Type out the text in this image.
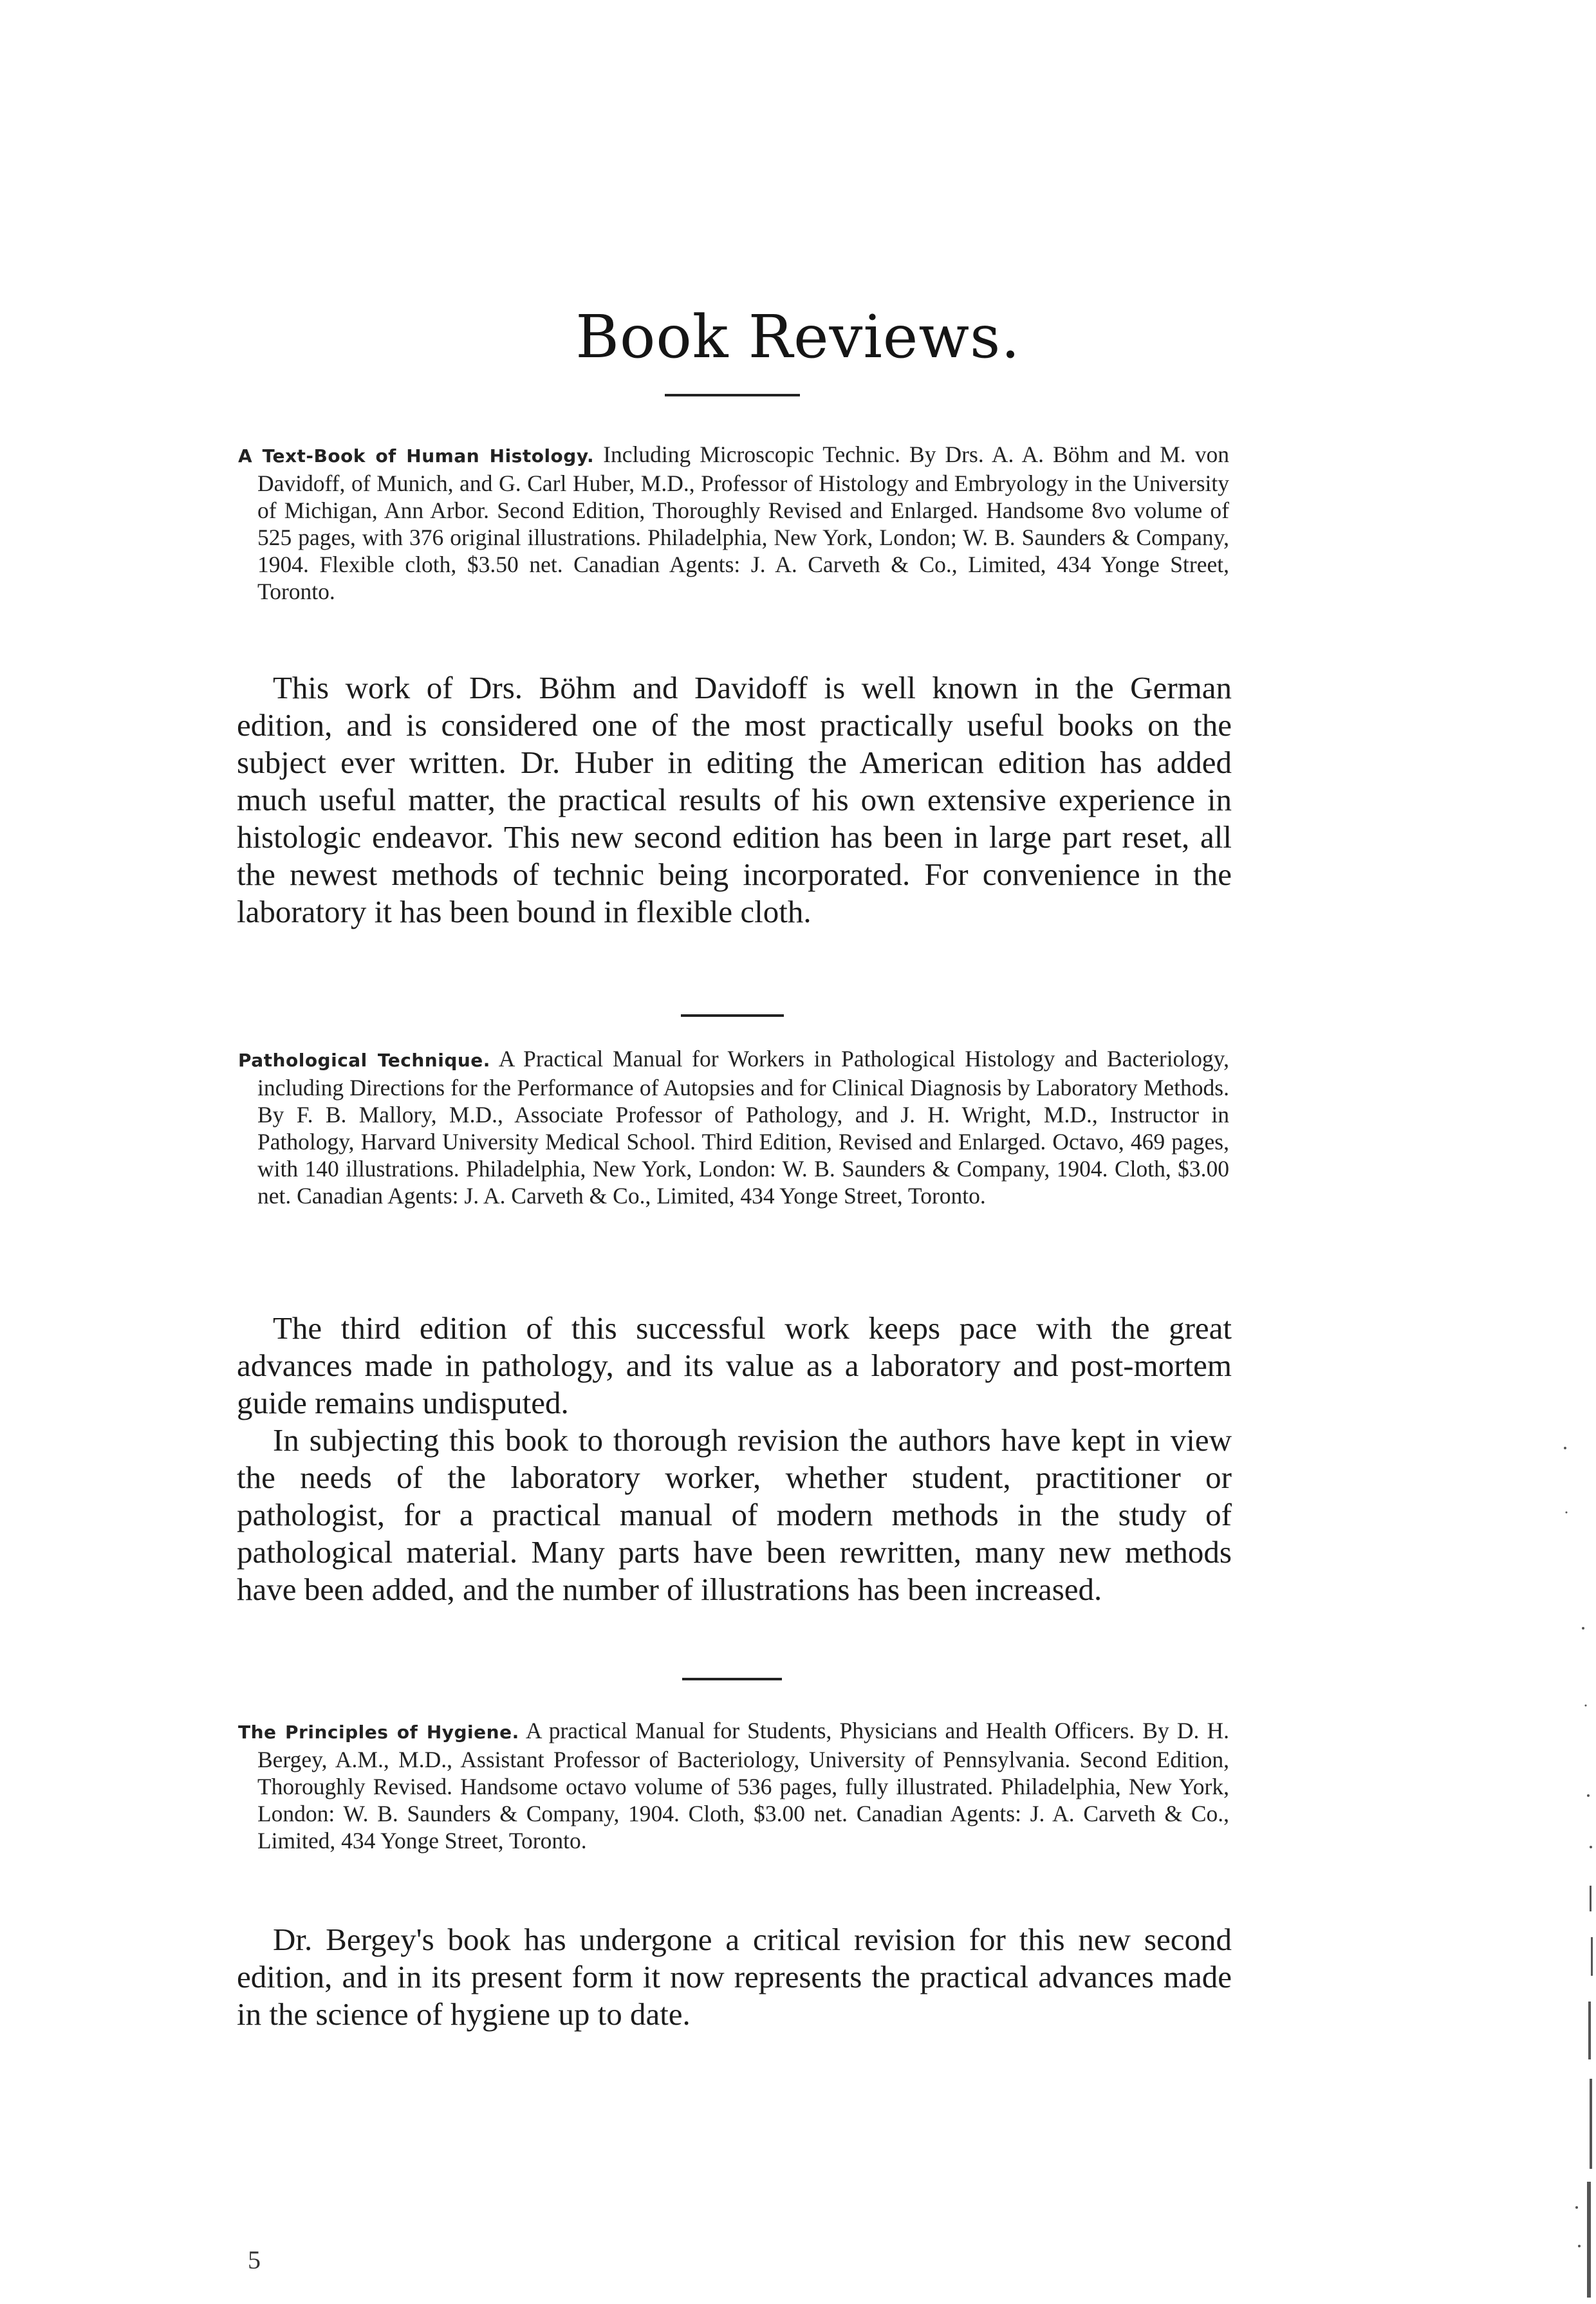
Book Reviews.
A Text-Book of Human Histology. Including Microscopic Technic. By Drs. A. A. Böhm and M. von Davidoff, of Munich, and G. Carl Huber, M.D., Professor of Histology and Embryology in the University of Michigan, Ann Arbor. Second Edition, Thoroughly Revised and Enlarged. Handsome 8vo volume of 525 pages, with 376 original illustrations. Philadelphia, New York, London; W. B. Saunders & Company, 1904. Flexible cloth, $3.50 net. Canadian Agents: J. A. Carveth & Co., Limited, 434 Yonge Street, Toronto.

This work of Drs. Böhm and Davidoff is well known in the German edition, and is considered one of the most practically useful books on the subject ever written. Dr. Huber in editing the American edition has added much useful matter, the practical results of his own extensive experience in histologic endeavor. This new second edition has been in large part reset, all the newest methods of technic being incorporated. For convenience in the laboratory it has been bound in flexible cloth.

Pathological Technique. A Practical Manual for Workers in Pathological Histology and Bacteriology, including Directions for the Performance of Autopsies and for Clinical Diagnosis by Laboratory Methods. By F. B. Mallory, M.D., Associate Professor of Pathology, and J. H. Wright, M.D., Instructor in Pathology, Harvard University Medical School. Third Edition, Revised and Enlarged. Octavo, 469 pages, with 140 illustrations. Philadelphia, New York, London: W. B. Saunders & Company, 1904. Cloth, $3.00 net. Canadian Agents: J. A. Carveth & Co., Limited, 434 Yonge Street, Toronto.

The third edition of this successful work keeps pace with the great advances made in pathology, and its value as a laboratory and post-mortem guide remains undisputed.

In subjecting this book to thorough revision the authors have kept in view the needs of the laboratory worker, whether student, practitioner or pathologist, for a practical manual of modern methods in the study of pathological material. Many parts have been rewritten, many new methods have been added, and the number of illustrations has been increased.

The Principles of Hygiene. A practical Manual for Students, Physicians and Health Officers. By D. H. Bergey, A.M., M.D., Assistant Professor of Bacteriology, University of Pennsylvania. Second Edition, Thoroughly Revised. Handsome octavo volume of 536 pages, fully illustrated. Philadelphia, New York, London: W. B. Saunders & Company, 1904. Cloth, $3.00 net. Canadian Agents: J. A. Carveth & Co., Limited, 434 Yonge Street, Toronto.

Dr. Bergey's book has undergone a critical revision for this new second edition, and in its present form it now represents the practical advances made in the science of hygiene up to date.

5
